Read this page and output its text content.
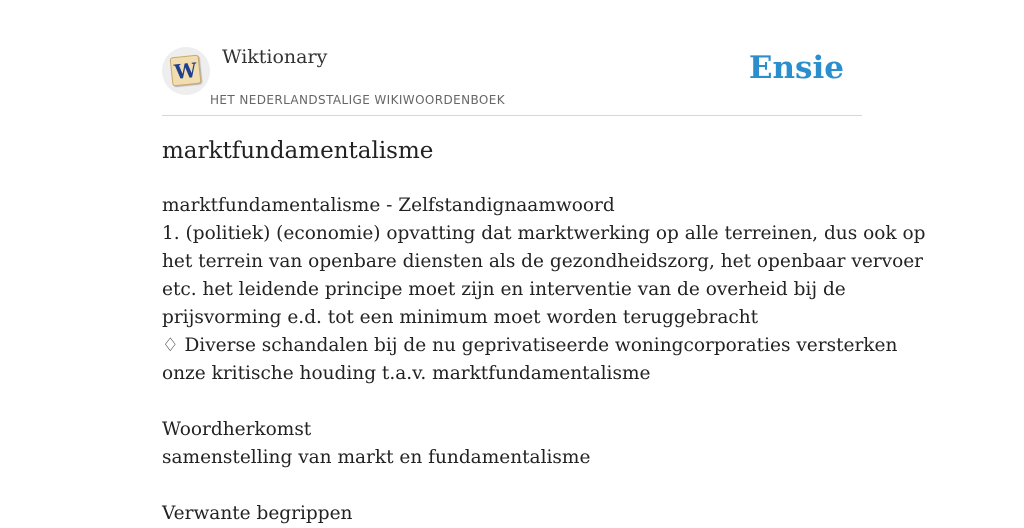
W
Wiktionary
HET NEDERLANDSTALIGE WIKIWOORDENBOEK
Ensie
marktfundamentalisme
marktfundamentalisme - Zelfstandignaamwoord
1. (politiek) (economie) opvatting dat marktwerking op alle terreinen, dus ook op
het terrein van openbare diensten als de gezondheidszorg, het openbaar vervoer
etc. het leidende principe moet zijn en interventie van de overheid bij de
prijsvorming e.d. tot een minimum moet worden teruggebracht
♢ Diverse schandalen bij de nu geprivatiseerde woningcorporaties versterken
onze kritische houding t.a.v. marktfundamentalisme
Woordherkomst
samenstelling van markt en fundamentalisme
Verwante begrippen
